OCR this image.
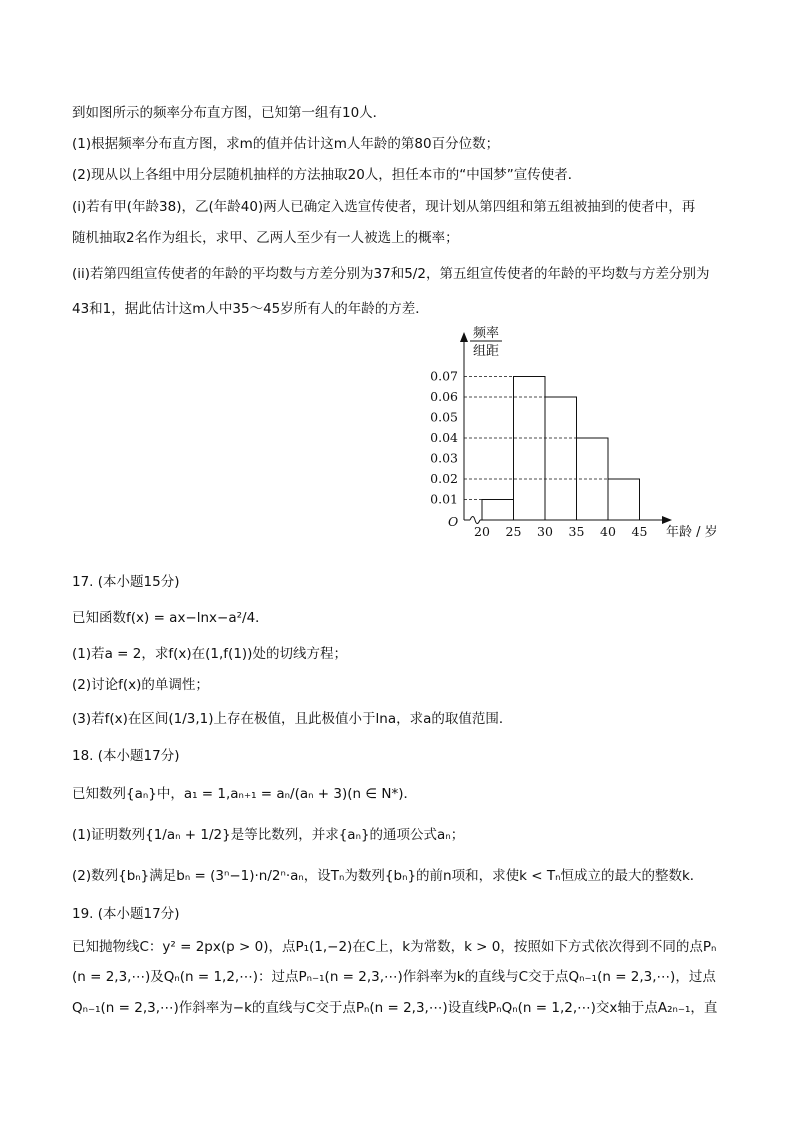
到如图所示的频率分布直方图，已知第一组有10人．
(1)根据频率分布直方图，求m的值并估计这m人年龄的第80百分位数；
(2)现从以上各组中用分层随机抽样的方法抽取20人，担任本市的“中国梦”宣传使者．
(i)若有甲(年龄38)，乙(年龄40)两人已确定入选宣传使者，现计划从第四组和第五组被抽到的使者中，再
随机抽取2名作为组长，求甲、乙两人至少有一人被选上的概率；
(ii)若第四组宣传使者的年龄的平均数与方差分别为37和5/2，第五组宣传使者的年龄的平均数与方差分别为
43和1，据此估计这m人中35～45岁所有人的年龄的方差．
0.01
0.02
0.03
0.04
0.05
0.06
0.07
20 25 30 35 40 45
O
频率
组距
年龄 / 岁
17. (本小题15分)
已知函数f(x) = ax−lnx−a²/4．
(1)若a = 2，求f(x)在(1,f(1))处的切线方程；
(2)讨论f(x)的单调性；
(3)若f(x)在区间(1/3,1)上存在极值，且此极值小于lna，求a的取值范围．
18. (本小题17分)
已知数列{aₙ}中，a₁ = 1,aₙ₊₁ = aₙ/(aₙ + 3)(n ∈ N*)．
(1)证明数列{1/aₙ + 1/2}是等比数列，并求{aₙ}的通项公式aₙ；
(2)数列{bₙ}满足bₙ = (3ⁿ−1)·n/2ⁿ·aₙ，设Tₙ为数列{bₙ}的前n项和，求使k < Tₙ恒成立的最大的整数k．
19. (本小题17分)
已知抛物线C：y² = 2px(p > 0)，点P₁(1,−2)在C上，k为常数，k > 0，按照如下方式依次得到不同的点Pₙ
(n = 2,3,⋯)及Qₙ(n = 1,2,⋯)：过点Pₙ₋₁(n = 2,3,⋯)作斜率为k的直线与C交于点Qₙ₋₁(n = 2,3,⋯)，过点
Qₙ₋₁(n = 2,3,⋯)作斜率为−k的直线与C交于点Pₙ(n = 2,3,⋯)设直线PₙQₙ(n = 1,2,⋯)交x轴于点A₂ₙ₋₁，直
